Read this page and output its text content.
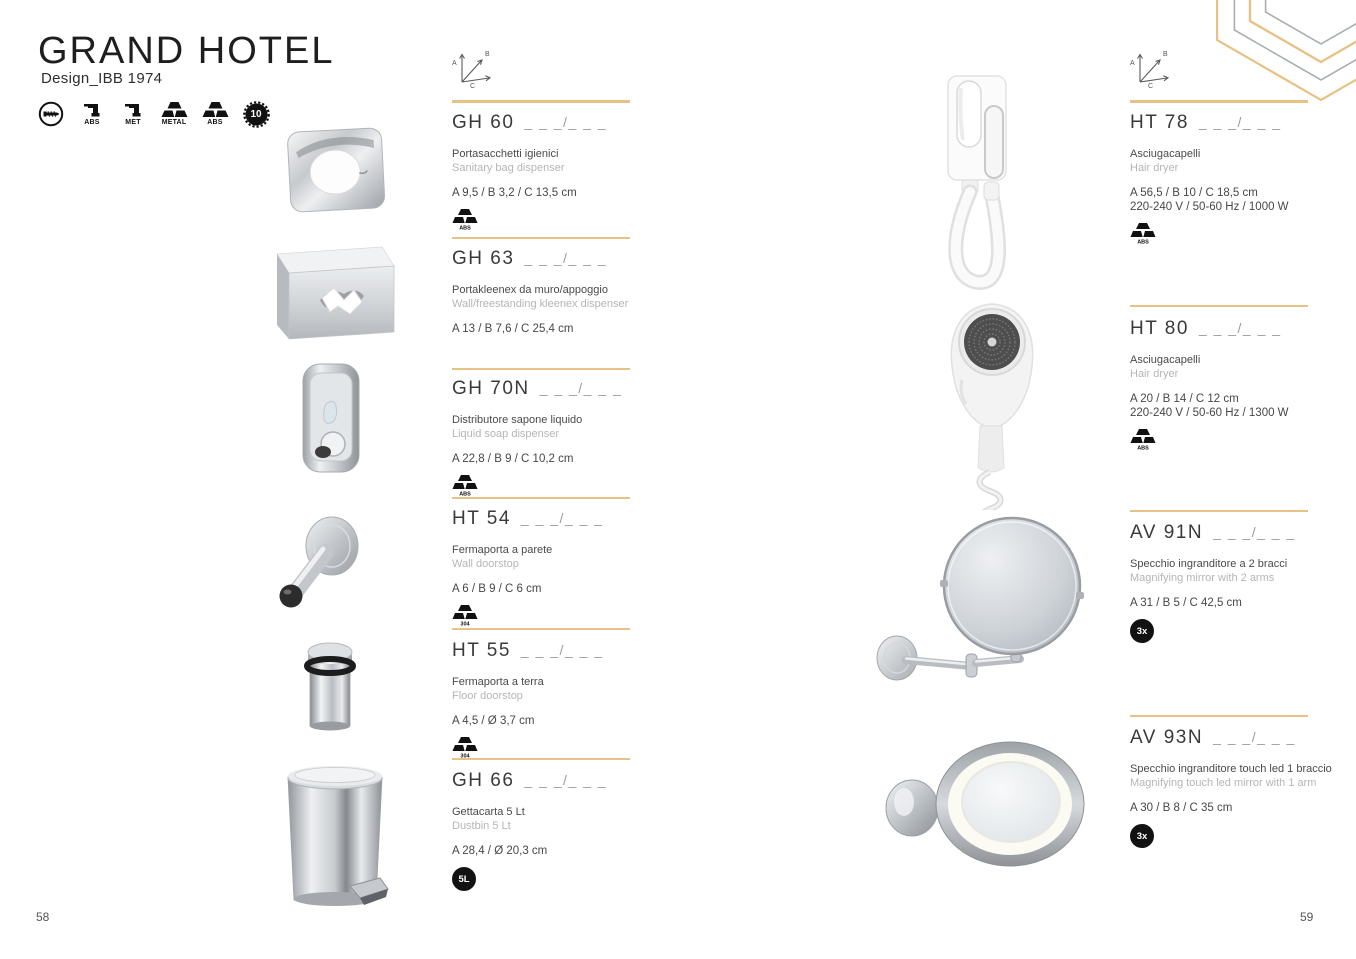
GRAND HOTEL
Design_IBB 1974
ABS	MET	METAL	ABS
10
A
B
C
A
B
C
GH 60 _ _ _/_ _ _
Portasacchetti igienici
Sanitary bag dispenser
A 9,5 / B 3,2 / C 13,5 cm
ABS
GH 63 _ _ _/_ _ _
Portakleenex da muro/appoggio
Wall/freestanding kleenex dispenser
A 13 / B 7,6 / C 25,4 cm
GH 70N _ _ _/_ _ _
Distributore sapone liquido
Liquid soap dispenser
A 22,8 / B 9 / C 10,2 cm
ABS
HT 54 _ _ _/_ _ _
Fermaporta a parete
Wall doorstop
A 6 / B 9 / C 6 cm
304
HT 55 _ _ _/_ _ _
Fermaporta a terra
Floor doorstop
A 4,5 / Ø 3,7 cm
304
GH 66 _ _ _/_ _ _
Gettacarta 5 Lt
Dustbin 5 Lt
A 28,4 / Ø 20,3 cm
5L
HT 78 _ _ _/_ _ _
Asciugacapelli
Hair dryer
A 56,5 / B 10 / C 18,5 cm
220-240 V / 50-60 Hz / 1000 W
ABS
HT 80 _ _ _/_ _ _
Asciugacapelli
Hair dryer
A 20 / B 14 / C 12 cm
220-240 V / 50-60 Hz / 1300 W
ABS
AV 91N _ _ _/_ _ _
Specchio ingranditore a 2 bracci
Magnifying mirror with 2 arms
A 31 / B 5 / C 42,5 cm
3x
AV 93N _ _ _/_ _ _
Specchio ingranditore touch led 1 braccio
Magnifying touch led mirror with 1 arm
A 30 / B 8 / C 35 cm
3x
58	59
